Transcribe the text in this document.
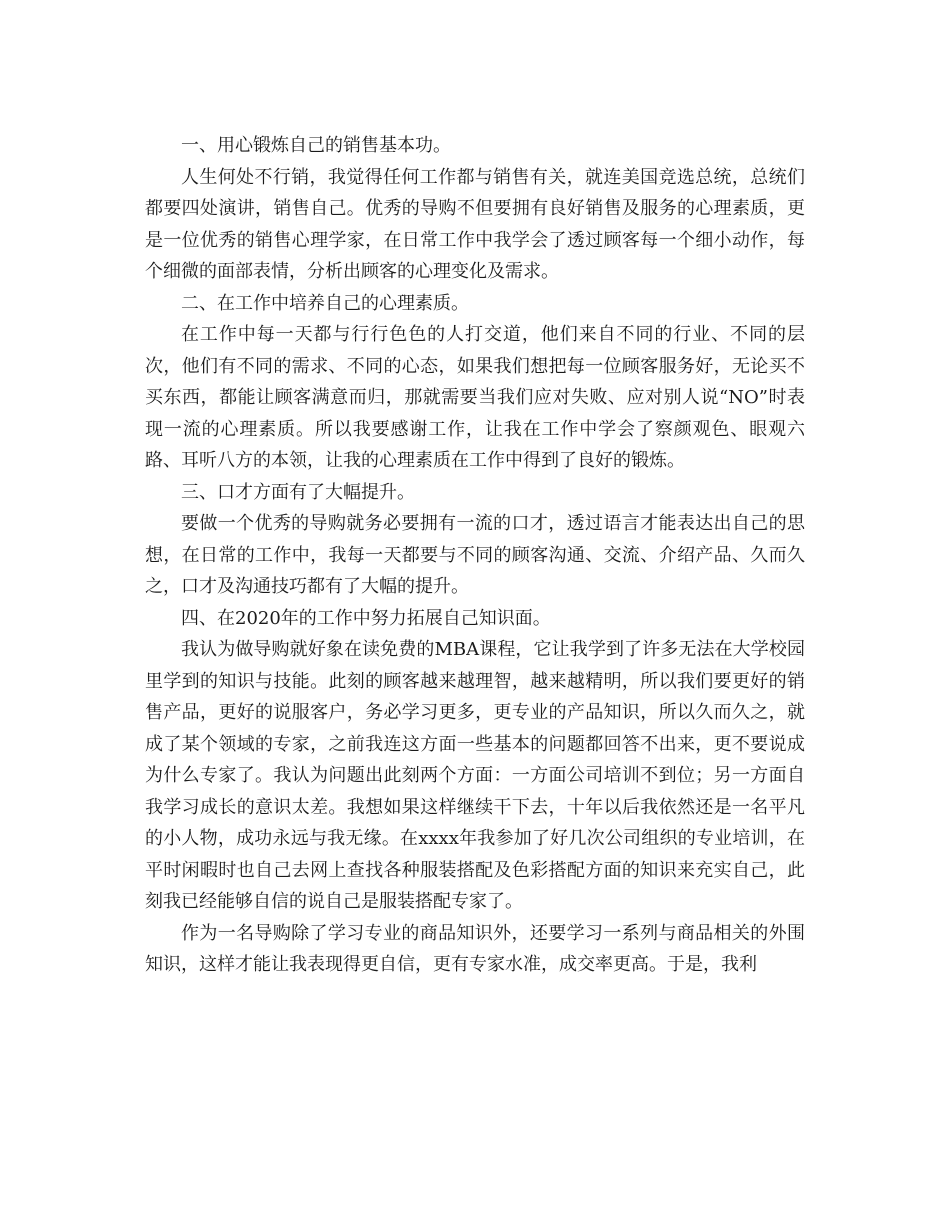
一、用心锻炼自己的销售基本功。

人生何处不行销，我觉得任何工作都与销售有关，就连美国竞选总统，总统们都要四处演讲，销售自己。优秀的导购不但要拥有良好销售及服务的心理素质，更是一位优秀的销售心理学家，在日常工作中我学会了透过顾客每一个细小动作，每个细微的面部表情，分析出顾客的心理变化及需求。

二、在工作中培养自己的心理素质。

在工作中每一天都与行行色色的人打交道，他们来自不同的行业、不同的层次，他们有不同的需求、不同的心态，如果我们想把每一位顾客服务好，无论买不买东西，都能让顾客满意而归，那就需要当我们应对失败、应对别人说“NO”时表现一流的心理素质。所以我要感谢工作，让我在工作中学会了察颜观色、眼观六路、耳听八方的本领，让我的心理素质在工作中得到了良好的锻炼。

三、口才方面有了大幅提升。

要做一个优秀的导购就务必要拥有一流的口才，透过语言才能表达出自己的思想，在日常的工作中，我每一天都要与不同的顾客沟通、交流、介绍产品、久而久之，口才及沟通技巧都有了大幅的提升。

四、在2020年的工作中努力拓展自己知识面。

我认为做导购就好象在读免费的MBA课程，它让我学到了许多无法在大学校园里学到的知识与技能。此刻的顾客越来越理智，越来越精明，所以我们要更好的销售产品，更好的说服客户，务必学习更多，更专业的产品知识，所以久而久之，就成了某个领域的专家，之前我连这方面一些基本的问题都回答不出来，更不要说成为什么专家了。我认为问题出此刻两个方面：一方面公司培训不到位；另一方面自我学习成长的意识太差。我想如果这样继续干下去，十年以后我依然还是一名平凡的小人物，成功永远与我无缘。在xxxx年我参加了好几次公司组织的专业培训，在平时闲暇时也自己去网上查找各种服装搭配及色彩搭配方面的知识来充实自己，此刻我已经能够自信的说自己是服装搭配专家了。

作为一名导购除了学习专业的商品知识外，还要学习一系列与商品相关的外围知识，这样才能让我表现得更自信，更有专家水准，成交率更高。于是，我利
